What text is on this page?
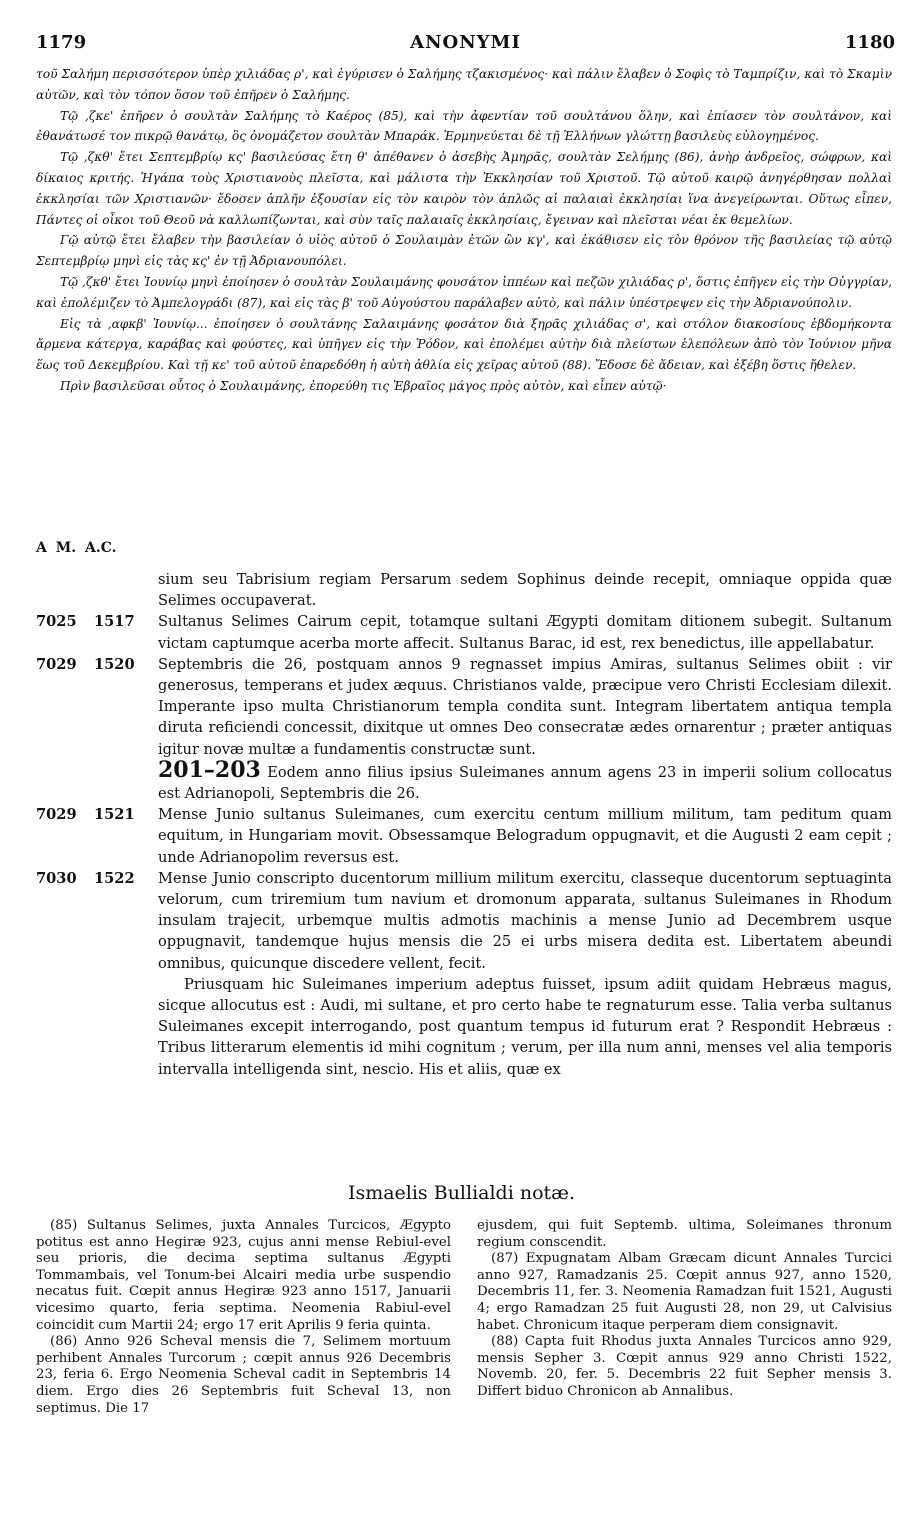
1179	ANONYMI	1180

τοῦ Σαλήμη περισσότερον ὑπὲρ χιλιάδας ρ', καὶ ἐγύρισεν ὁ Σαλήμης τζακισμένος· καὶ πάλιν ἔλαβεν ὁ Σοφὶς τὸ Ταμπρίζιν, καὶ τὸ Σκαμὶν αὐτῶν, καὶ τὸν τόπον ὅσον τοῦ ἐπῆρεν ὁ Σαλήμης.

Τῷ ,ζκε' ἐπῆρεν ὁ σουλτὰν Σαλήμης τὸ Καέρος (85), καὶ τὴν ἀφεντίαν τοῦ σουλτάνου ὅλην, καὶ ἐπίασεν τὸν σουλτάνον, καὶ ἐθανάτωσέ τον πικρῷ θανάτῳ, ὃς ὀνομάζετον σουλτὰν Μπαράκ. Ἑρμηνεύεται δὲ τῇ Ἑλλήνων γλώττῃ βασιλεὺς εὐλογημένος.

Τῷ ,ζκθ' ἔτει Σεπτεμβρίῳ κς' βασιλεύσας ἔτη θ' ἀπέθανεν ὁ ἀσεβὴς Ἀμηρᾶς, σουλτὰν Σελήμης (86), ἀνὴρ ἀνδρεῖος, σώφρων, καὶ δίκαιος κριτής. Ἠγάπα τοὺς Χριστιανοὺς πλεῖστα, καὶ μάλιστα τὴν Ἐκκλησίαν τοῦ Χριστοῦ. Τῷ αὐτοῦ καιρῷ ἀνηγέρθησαν πολλαὶ ἐκκλησίαι τῶν Χριστιανῶν· ἔδοσεν ἁπλῆν ἐξουσίαν εἰς τὸν καιρὸν τὸν ἁπλῶς αἱ παλαιαὶ ἐκκλησίαι ἵνα ἀνεγείρωνται. Οὕτως εἶπεν, Πάντες οἱ οἶκοι τοῦ Θεοῦ νὰ καλλωπίζωνται, καὶ σὺν ταῖς παλαιαῖς ἐκκλησίαις, ἔγειναν καὶ πλεῖσται νέαι ἐκ θεμελίων.

Γῷ αὐτῷ ἔτει ἔλαβεν τὴν βασιλείαν ὁ υἱὸς αὐτοῦ ὁ Σουλαιμὰν ἐτῶν ὢν κγ', καὶ ἐκάθισεν εἰς τὸν θρόνον τῆς βασιλείας τῷ αὐτῷ Σεπτεμβρίῳ μηνὶ εἰς τὰς κς' ἐν τῇ Ἀδριανουπόλει.

Τῷ ,ζκθ' ἔτει Ἰουνίῳ μηνὶ ἐποίησεν ὁ σουλτὰν Σουλαιμάνης φουσάτον ἱππέων καὶ πεζῶν χιλιάδας ρ', ὅστις ἐπῆγεν εἰς τὴν Οὐγγρίαν, καὶ ἐπολέμιζεν τὸ Ἀμπελογράδι (87), καὶ εἰς τὰς β' τοῦ Αὐγούστου παράλαβεν αὐτὸ, καὶ πάλιν ὑπέστρεψεν εἰς τὴν Ἀδριανούπολιν.

Εἰς τὰ ,αφκβ' Ἰουνίῳ... ἐποίησεν ὁ σουλτάνης Σαλαιμάνης φοσάτον διὰ ξηρᾶς χιλιάδας σ', καὶ στόλον διακοσίους ἑβδομήκοντα ἄρμενα κάτεργα, καράβας καὶ φούστες, καὶ ὑπῆγεν εἰς τὴν Ῥόδον, καὶ ἐπολέμει αὐτὴν διὰ πλείστων ἑλεπόλεων ἀπὸ τὸν Ἰούνιον μῆνα ἕως τοῦ Δεκεμβρίου. Καὶ τῇ κε' τοῦ αὐτοῦ ἐπαρεδόθη ἡ αὐτὴ ἀθλία εἰς χεῖρας αὐτοῦ (88). Ἔδοσε δὲ ἄδειαν, καὶ ἐξέβη ὅστις ἤθελεν.

Πρὶν βασιλεῦσαι οὗτος ὁ Σουλαιμάνης, ἐπορεύθη τις Ἑβραῖος μάγος πρὸς αὐτὸν, καὶ εἶπεν αὐτῷ·

A M. A.C.
sium seu Tabrisium regiam Persarum sedem Sophinus deinde recepit, omniaque oppida quæ Selimes occupaverat.
7025	1517	Sultanus Selimes Cairum cepit, totamque sultani Ægypti domitam ditionem subegit. Sultanum victam captumque acerba morte affecit. Sultanus Barac, id est, rex benedictus, ille appellabatur.
7029	1520	Septembris die 26, postquam annos 9 regnasset impius Amiras, sultanus Selimes obiit : vir generosus, temperans et judex æquus. Christianos valde, præcipue vero Christi Ecclesiam dilexit. Imperante ipso multa Christianorum templa condita sunt. Integram libertatem antiqua templa diruta reficiendi concessit, dixitque ut omnes Deo consecratæ ædes ornarentur ; præter antiquas igitur novæ multæ a fundamentis constructæ sunt.
201–203 Eodem anno filius ipsius Suleimanes annum agens 23 in imperii solium collocatus est Adrianopoli, Septembris die 26.
7029	1521	Mense Junio sultanus Suleimanes, cum exercitu centum millium militum, tam peditum quam equitum, in Hungariam movit. Obsessamque Belogradum oppugnavit, et die Augusti 2 eam cepit ; unde Adrianopolim reversus est.
7030	1522	Mense Junio conscripto ducentorum millium militum exercitu, classeque ducentorum septuaginta velorum, cum triremium tum navium et dromonum apparata, sultanus Suleimanes in Rhodum insulam trajecit, urbemque multis admotis machinis a mense Junio ad Decembrem usque oppugnavit, tandemque hujus mensis die 25 ei urbs misera dedita est. Libertatem abeundi omnibus, quicunque discedere vellent, fecit.
Priusquam hic Suleimanes imperium adeptus fuisset, ipsum adiit quidam Hebræus magus, sicque allocutus est : Audi, mi sultane, et pro certo habe te regnaturum esse. Talia verba sultanus Suleimanes excepit interrogando, post quantum tempus id futurum erat ? Respondit Hebræus : Tribus litterarum elementis id mihi cognitum ; verum, per illa num anni, menses vel alia temporis intervalla intelligenda sint, nescio. His et aliis, quæ ex
Ismaelis Bullialdi notæ.

(85) Sultanus Selimes, juxta Annales Turcicos, Ægypto potitus est anno Hegiræ 923, cujus anni mense Rebiul-evel seu prioris, die decima septima sultanus Ægypti Tommambais, vel Tonum-bei Alcairi media urbe suspendio necatus fuit. Cœpit annus Hegiræ 923 anno 1517, Januarii vicesimo quarto, feria septima. Neomenia Rabiul-evel coincidit cum Martii 24; ergo 17 erit Aprilis 9 feria quinta.

(86) Anno 926 Scheval mensis die 7, Selimem mortuum perhibent Annales Turcorum ; cœpit annus 926 Decembris 23, feria 6. Ergo Neomenia Scheval cadit in Septembris 14 diem. Ergo dies 26 Septembris fuit Scheval 13, non septimus. Die 17

ejusdem, qui fuit Septemb. ultima, Soleimanes thronum regium conscendit.

(87) Expugnatam Albam Græcam dicunt Annales Turcici anno 927, Ramadzanis 25. Cœpit annus 927, anno 1520, Decembris 11, fer. 3. Neomenia Ramadzan fuit 1521, Augusti 4; ergo Ramadzan 25 fuit Augusti 28, non 29, ut Calvisius habet. Chronicum itaque perperam diem consignavit.

(88) Capta fuit Rhodus juxta Annales Turcicos anno 929, mensis Sepher 3. Cœpit annus 929 anno Christi 1522, Novemb. 20, fer. 5. Decembris 22 fuit Sepher mensis 3. Differt biduo Chronicon ab Annalibus.
